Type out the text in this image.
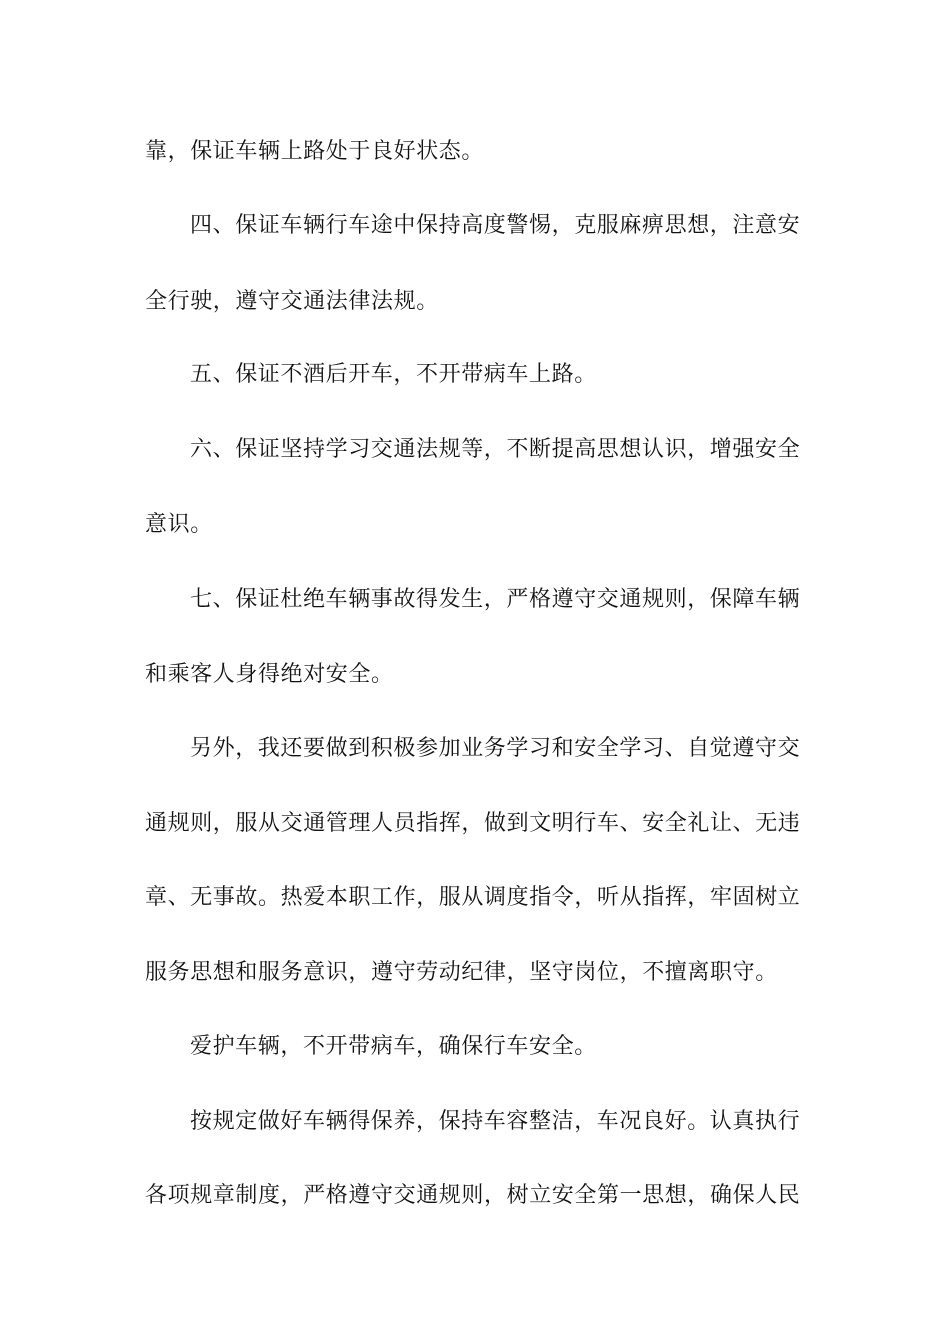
靠，保证车辆上路处于良好状态。
四、保证车辆行车途中保持高度警惕，克服麻痹思想，注意安
全行驶，遵守交通法律法规。
五、保证不酒后开车，不开带病车上路。
六、保证坚持学习交通法规等，不断提高思想认识，增强安全
意识。
七、保证杜绝车辆事故得发生，严格遵守交通规则，保障车辆
和乘客人身得绝对安全。
另外，我还要做到积极参加业务学习和安全学习、自觉遵守交
通规则，服从交通管理人员指挥，做到文明行车、安全礼让、无违
章、无事故。热爱本职工作，服从调度指令，听从指挥，牢固树立
服务思想和服务意识，遵守劳动纪律，坚守岗位，不擅离职守。
爱护车辆，不开带病车，确保行车安全。
按规定做好车辆得保养，保持车容整洁，车况良好。认真执行
各项规章制度，严格遵守交通规则，树立安全第一思想，确保人民
